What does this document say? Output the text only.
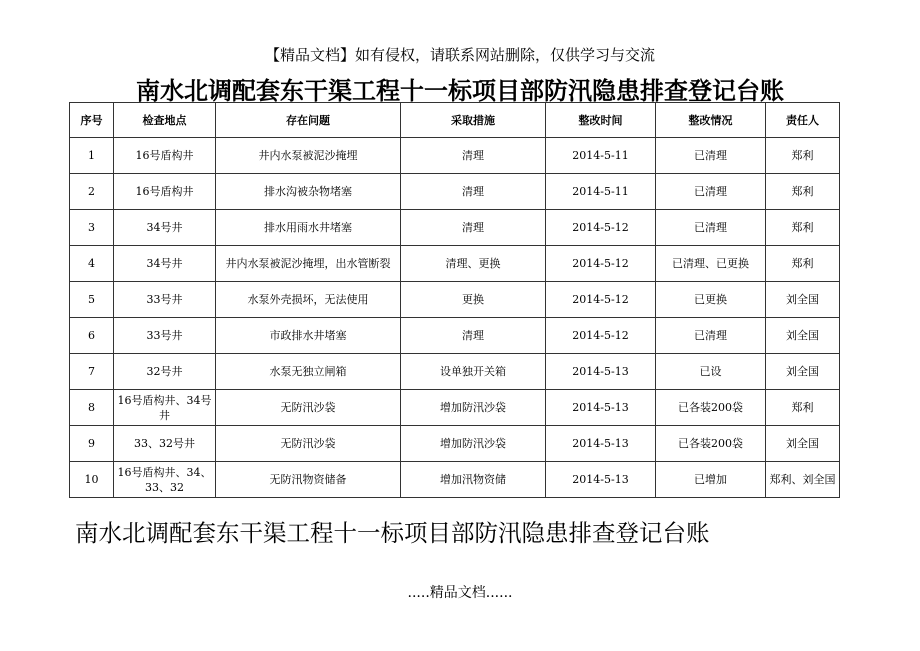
【精品文档】如有侵权，请联系网站删除，仅供学习与交流
南水北调配套东干渠工程十一标项目部防汛隐患排查登记台账
序号	检查地点	存在问题	采取措施	整改时间	整改情况	责任人
1	16号盾构井	井内水泵被泥沙掩埋	清理	2014-5-11	已清理	郑利
2	16号盾构井	排水沟被杂物堵塞	清理	2014-5-11	已清理	郑利
3	34号井	排水用雨水井堵塞	清理	2014-5-12	已清理	郑利
4	34号井	井内水泵被泥沙掩埋，出水管断裂	清理、更换	2014-5-12	已清理、已更换	郑利
5	33号井	水泵外壳损坏，无法使用	更换	2014-5-12	已更换	刘全国
6	33号井	市政排水井堵塞	清理	2014-5-12	已清理	刘全国
7	32号井	水泵无独立闸箱	设单独开关箱	2014-5-13	已设	刘全国
8	16号盾构井、34号井	无防汛沙袋	增加防汛沙袋	2014-5-13	已各装200袋	郑利
9	33、32号井	无防汛沙袋	增加防汛沙袋	2014-5-13	已各装200袋	刘全国
10	16号盾构井、34、33、32	无防汛物资储备	增加汛物资储	2014-5-13	已增加	郑利、刘全国
南水北调配套东干渠工程十一标项目部防汛隐患排查登记台账
.....精品文档......
